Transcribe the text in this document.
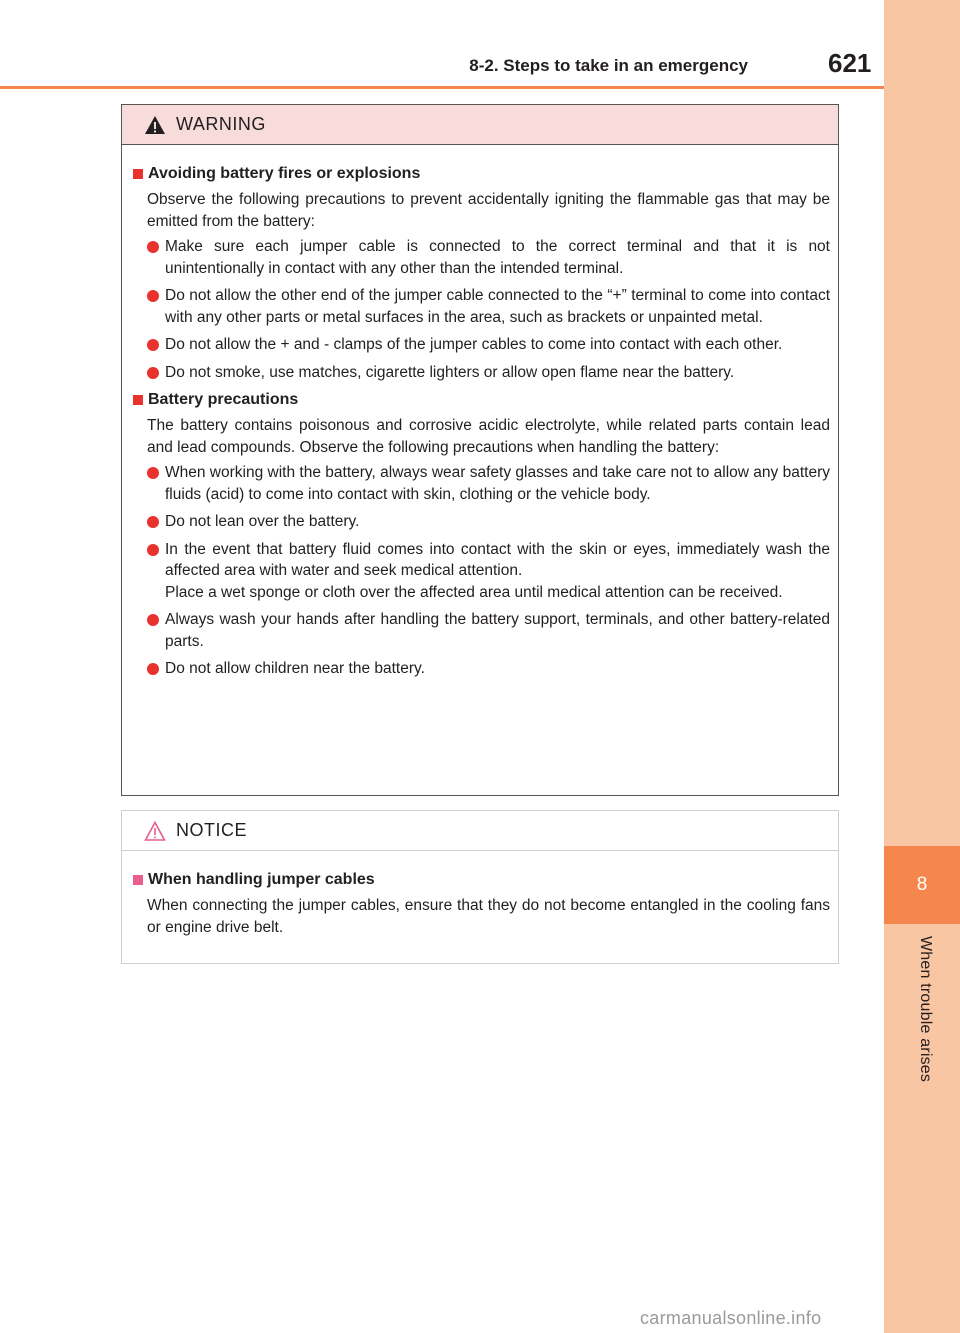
8
When trouble arises
8-2. Steps to take in an emergency	621
WARNING
Avoiding battery fires or explosions

Observe the following precautions to prevent accidentally igniting the flammable gas that may be emitted from the battery:

Make sure each jumper cable is connected to the correct terminal and that it is not unintentionally in contact with any other than the intended terminal.
Do not allow the other end of the jumper cable connected to the “+” terminal to come into contact with any other parts or metal surfaces in the area, such as brackets or unpainted metal.
Do not allow the + and - clamps of the jumper cables to come into contact with each other.
Do not smoke, use matches, cigarette lighters or allow open flame near the battery.
Battery precautions

The battery contains poisonous and corrosive acidic electrolyte, while related parts contain lead and lead compounds. Observe the following precautions when handling the battery:

When working with the battery, always wear safety glasses and take care not to allow any battery fluids (acid) to come into contact with skin, clothing or the vehicle body.
Do not lean over the battery.
In the event that battery fluid comes into contact with the skin or eyes, immediately wash the affected area with water and seek medical attention.
Place a wet sponge or cloth over the affected area until medical attention can be received.
Always wash your hands after handling the battery support, terminals, and other battery-related parts.
Do not allow children near the battery.
NOTICE
When handling jumper cables

When connecting the jumper cables, ensure that they do not become entangled in the cooling fans or engine drive belt.

carmanualsonline.info
